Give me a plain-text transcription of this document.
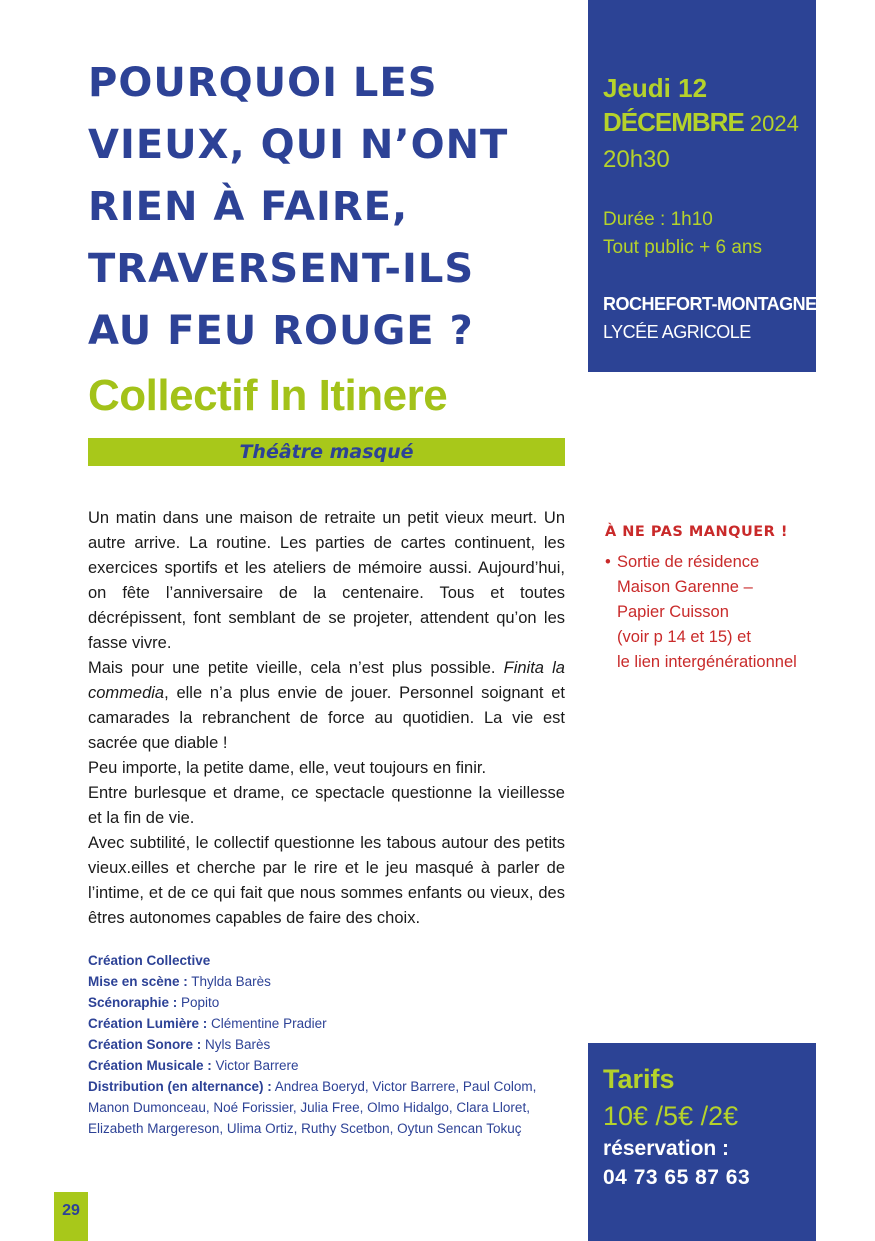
POURQUOI LES
VIEUX, QUI N’ONT
RIEN À FAIRE,
TRAVERSENT-ILS
AU FEU ROUGE ?
Collectif In Itinere
Théâtre masqué

Un matin dans une maison de retraite un petit vieux meurt. Un autre arrive. La routine. Les parties de cartes continuent, les exercices sportifs et les ateliers de mémoire aussi. Aujourd’hui, on fête l’anniversaire de la centenaire. Tous et toutes décrépissent, font semblant de se projeter, attendent qu’on les fasse vivre.

Mais pour une petite vieille, cela n’est plus possible. Finita la commedia, elle n’a plus envie de jouer. Personnel soignant et camarades la rebranchent de force au quotidien. La vie est sacrée que diable !

Peu importe, la petite dame, elle, veut toujours en finir.

Entre burlesque et drame, ce spectacle questionne la vieillesse et la fin de vie.

Avec subtilité, le collectif questionne les tabous autour des petits vieux.eilles et cherche par le rire et le jeu masqué à parler de l’intime, et de ce qui fait que nous sommes enfants ou vieux, des êtres autonomes capables de faire des choix.

Création Collective

Mise en scène : Thylda Barès

Scénoraphie : Popito

Création Lumière : Clémentine Pradier

Création Sonore : Nyls Barès

Création Musicale : Victor Barrere

Distribution (en alternance) : Andrea Boeryd, Victor Barrere, Paul Colom, Manon Dumonceau, Noé Forissier, Julia Free, Olmo Hidalgo, Clara Lloret, Elizabeth Margereson, Ulima Ortiz, Ruthy Scetbon, Oytun Sencan Tokuç

Jeudi 12
DÉCEMBRE 2024
20h30
Durée : 1h10
Tout public + 6 ans
ROCHEFORT-MONTAGNE
LYCÉE AGRICOLE
À NE PAS MANQUER !
• Sortie de résidence

Maison Garenne –

Papier Cuisson

(voir p 14 et 15) et

le lien intergénérationnel

Tarifs
10€ /5€ /2€
réservation :
04 73 65 87 63
29
